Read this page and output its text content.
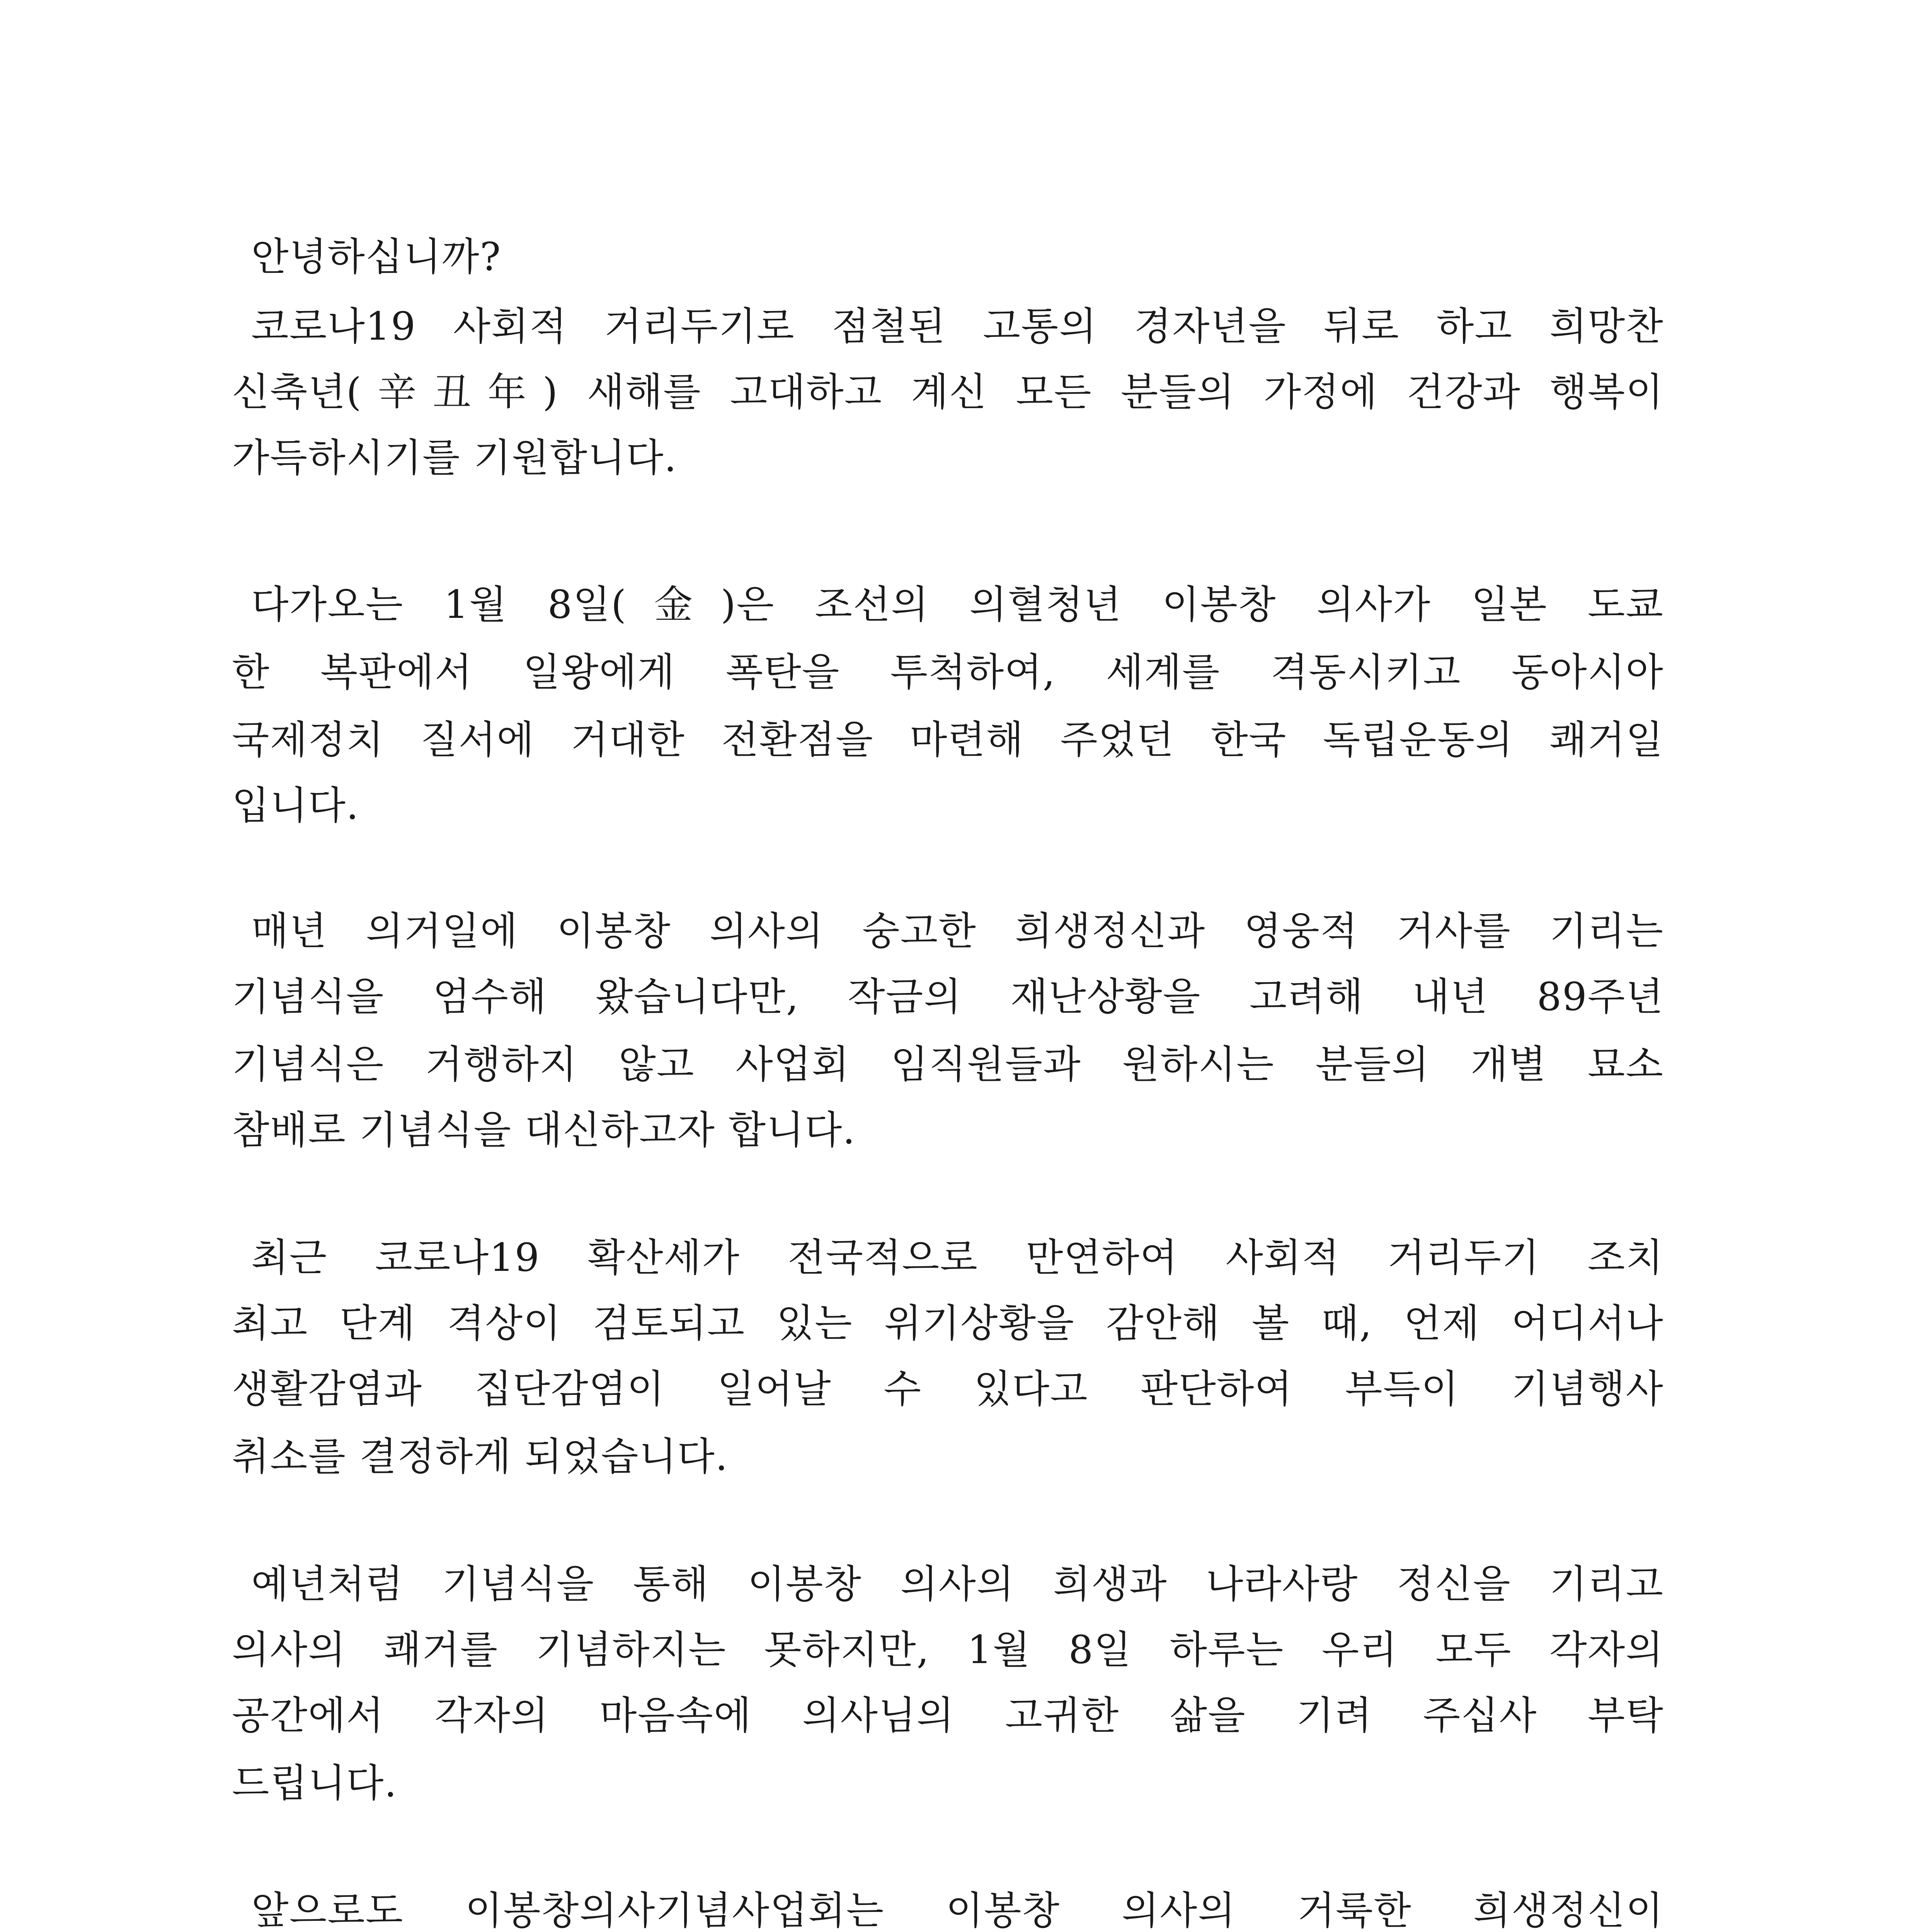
안녕하십니까?
코로나19 사회적 거리두기로 점철된 고통의 경자년을 뒤로 하고 희망찬
신축년(辛丑年) 새해를 고대하고 계신 모든 분들의 가정에 건강과 행복이
가득하시기를 기원합니다.
다가오는 1월 8일(金)은 조선의 의혈청년 이봉창 의사가 일본 도쿄
한 복판에서 일왕에게 폭탄을 투척하여, 세계를 격동시키고 동아시아
국제정치 질서에 거대한 전환점을 마련해 주었던 한국 독립운동의 쾌거일
입니다.
매년 의거일에 이봉창 의사의 숭고한 희생정신과 영웅적 거사를 기리는
기념식을 엄수해 왔습니다만, 작금의 재난상황을 고려해 내년 89주년
기념식은 거행하지 않고 사업회 임직원들과 원하시는 분들의 개별 묘소
참배로 기념식을 대신하고자 합니다.
최근 코로나19 확산세가 전국적으로 만연하여 사회적 거리두기 조치
최고 단계 격상이 검토되고 있는 위기상황을 감안해 볼 때, 언제 어디서나
생활감염과 집단감염이 일어날 수 있다고 판단하여 부득이 기념행사
취소를 결정하게 되었습니다.
예년처럼 기념식을 통해 이봉창 의사의 희생과 나라사랑 정신을 기리고
의사의 쾌거를 기념하지는 못하지만, 1월 8일 하루는 우리 모두 각자의
공간에서 각자의 마음속에 의사님의 고귀한 삶을 기려 주십사 부탁
드립니다.
앞으로도 이봉창의사기념사업회는 이봉창 의사의 거룩한 희생정신이
